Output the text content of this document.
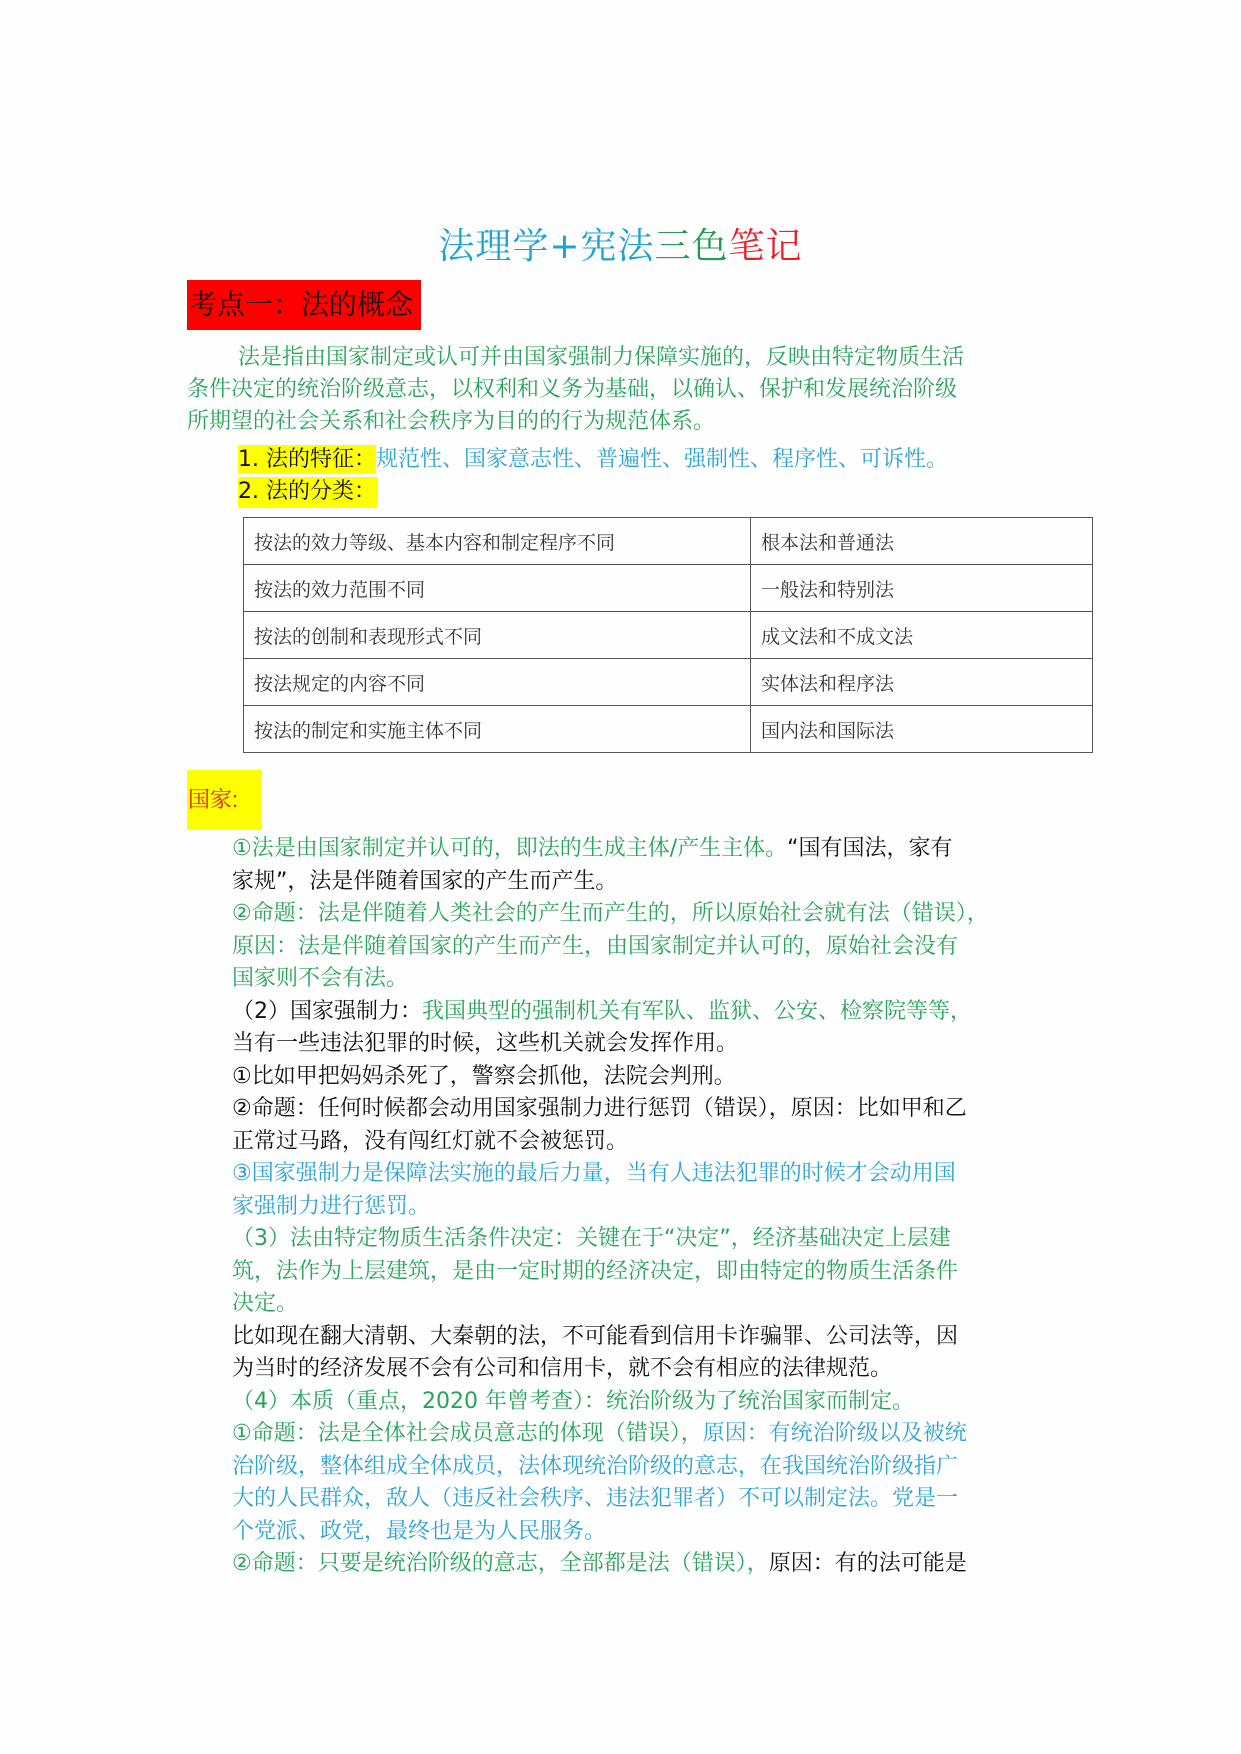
法理学+宪法三色笔记
考点一：法的概念
法是指由国家制定或认可并由国家强制力保障实施的，反映由特定物质生活
条件决定的统治阶级意志，以权利和义务为基础，以确认、保护和发展统治阶级
所期望的社会关系和社会秩序为目的的行为规范体系。
1. 法的特征：规范性、国家意志性、普遍性、强制性、程序性、可诉性。
2. 法的分类：
按法的效力等级、基本内容和制定程序不同	根本法和普通法
按法的效力范围不同	一般法和特别法
按法的创制和表现形式不同	成文法和不成文法
按法规定的内容不同	实体法和程序法
按法的制定和实施主体不同	国内法和国际法
国家:

①法是由国家制定并认可的，即法的生成主体/产生主体。“国有国法，家有

家规”，法是伴随着国家的产生而产生。

②命题：法是伴随着人类社会的产生而产生的，所以原始社会就有法（错误），

原因：法是伴随着国家的产生而产生，由国家制定并认可的，原始社会没有

国家则不会有法。

（2）国家强制力：我国典型的强制机关有军队、监狱、公安、检察院等等，

当有一些违法犯罪的时候，这些机关就会发挥作用。

①比如甲把妈妈杀死了，警察会抓他，法院会判刑。

②命题：任何时候都会动用国家强制力进行惩罚（错误），原因：比如甲和乙

正常过马路，没有闯红灯就不会被惩罚。

③国家强制力是保障法实施的最后力量，当有人违法犯罪的时候才会动用国

家强制力进行惩罚。

（3）法由特定物质生活条件决定：关键在于“决定”，经济基础决定上层建

筑，法作为上层建筑，是由一定时期的经济决定，即由特定的物质生活条件

决定。

比如现在翻大清朝、大秦朝的法，不可能看到信用卡诈骗罪、公司法等，因

为当时的经济发展不会有公司和信用卡，就不会有相应的法律规范。

（4）本质（重点，2020 年曾考查）：统治阶级为了统治国家而制定。

①命题：法是全体社会成员意志的体现（错误），原因：有统治阶级以及被统

治阶级，整体组成全体成员，法体现统治阶级的意志，在我国统治阶级指广

大的人民群众，敌人（违反社会秩序、违法犯罪者）不可以制定法。党是一

个党派、政党，最终也是为人民服务。

②命题：只要是统治阶级的意志，全部都是法（错误），原因：有的法可能是
